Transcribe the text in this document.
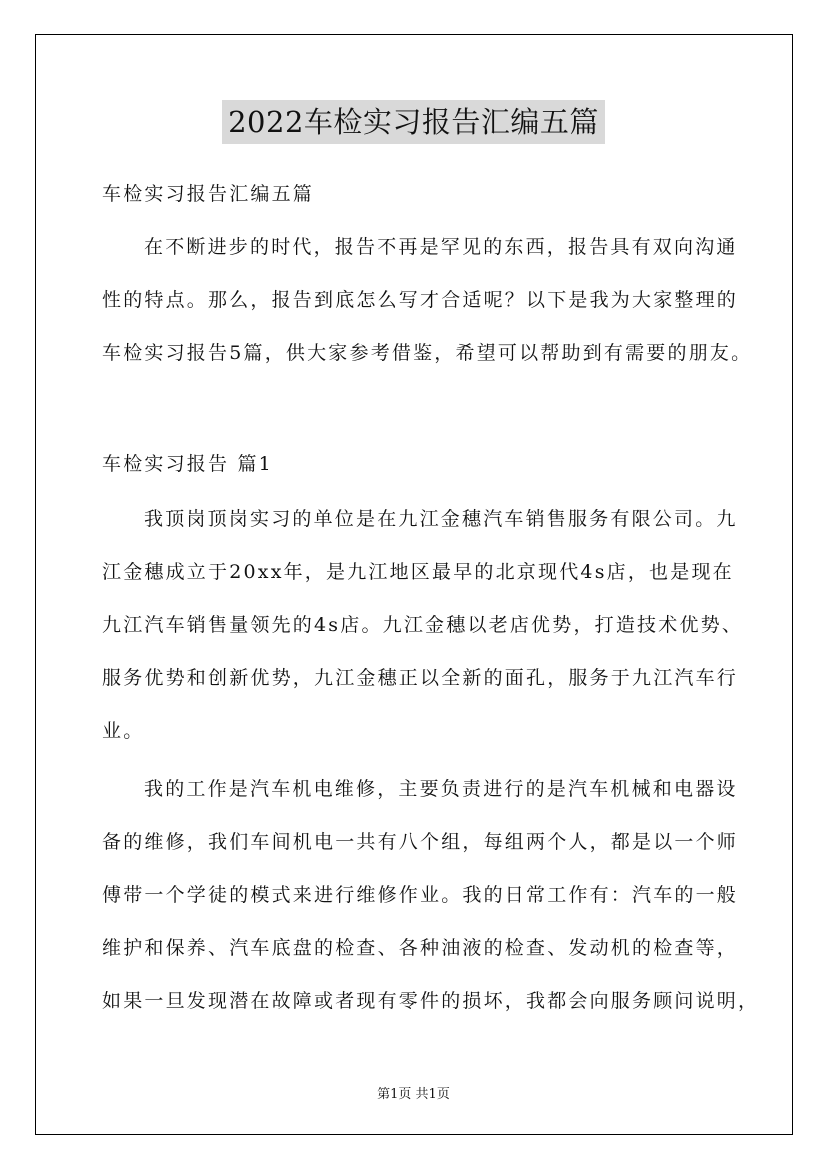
2022车检实习报告汇编五篇
车检实习报告汇编五篇
在不断进步的时代，报告不再是罕见的东西，报告具有双向沟通
性的特点。那么，报告到底怎么写才合适呢？以下是我为大家整理的
车检实习报告5篇，供大家参考借鉴，希望可以帮助到有需要的朋友。
车检实习报告 篇1
我顶岗顶岗实习的单位是在九江金穗汽车销售服务有限公司。九
江金穗成立于20xx年，是九江地区最早的北京现代4s店，也是现在
九江汽车销售量领先的4s店。九江金穗以老店优势，打造技术优势、
服务优势和创新优势，九江金穗正以全新的面孔，服务于九江汽车行
业。
我的工作是汽车机电维修，主要负责进行的是汽车机械和电器设
备的维修，我们车间机电一共有八个组，每组两个人，都是以一个师
傅带一个学徒的模式来进行维修作业。我的日常工作有：汽车的一般
维护和保养、汽车底盘的检查、各种油液的检查、发动机的检查等，
如果一旦发现潜在故障或者现有零件的损坏，我都会向服务顾问说明，
第1页 共1页
